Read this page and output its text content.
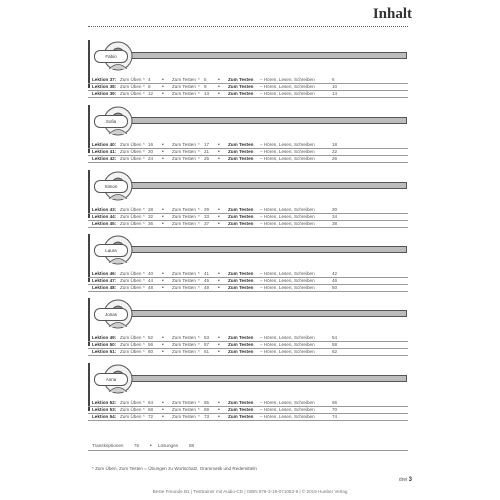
Inhalt
Fabio
Lektion 37: Zum Üben * 4 • Zum Testen * 5 • Zum Testen – Hören, Lesen, Schreiben	6
Lektion 38: Zum Üben * 8 • Zum Testen * 9 • Zum Testen – Hören, Lesen, Schreiben	10
Lektion 39: Zum Üben * 12 • Zum Testen * 13 • Zum Testen – Hören, Lesen, Schreiben	14
Sofia
Lektion 40: Zum Üben * 16 • Zum Testen * 17 • Zum Testen – Hören, Lesen, Schreiben	18
Lektion 41: Zum Üben * 20 • Zum Testen * 21 • Zum Testen – Hören, Lesen, Schreiben	22
Lektion 42: Zum Üben * 24 • Zum Testen * 25 • Zum Testen – Hören, Lesen, Schreiben	26
Simon
Lektion 43: Zum Üben * 28 • Zum Testen * 29 • Zum Testen – Hören, Lesen, Schreiben	30
Lektion 44: Zum Üben * 32 • Zum Testen * 33 • Zum Testen – Hören, Lesen, Schreiben	34
Lektion 45: Zum Üben * 36 • Zum Testen * 37 • Zum Testen – Hören, Lesen, Schreiben	38
Laura
Lektion 46: Zum Üben * 40 • Zum Testen * 41 • Zum Testen – Hören, Lesen, Schreiben	42
Lektion 47: Zum Üben * 44 • Zum Testen * 45 • Zum Testen – Hören, Lesen, Schreiben	46
Lektion 48: Zum Üben * 48 • Zum Testen * 49 • Zum Testen – Hören, Lesen, Schreiben	50
Jonas
Lektion 49: Zum Üben * 52 • Zum Testen * 53 • Zum Testen – Hören, Lesen, Schreiben	54
Lektion 50: Zum Üben * 56 • Zum Testen * 57 • Zum Testen – Hören, Lesen, Schreiben	58
Lektion 51: Zum Üben * 60 • Zum Testen * 61 • Zum Testen – Hören, Lesen, Schreiben	62
Anna
Lektion 52: Zum Üben * 64 • Zum Testen * 65 • Zum Testen – Hören, Lesen, Schreiben	66
Lektion 53: Zum Üben * 68 • Zum Testen * 69 • Zum Testen – Hören, Lesen, Schreiben	70
Lektion 54: Zum Üben * 72 • Zum Testen * 73 • Zum Testen – Hören, Lesen, Schreiben	74
Transkriptionen 76 • Lösungen 88
* Zum Üben, Zum Testen = Übungen zu Wortschatz, Grammatik und Redemitteln
drei 3
Beste Freunde B1 | Testtrainer mit Audio-CD | ISBN 978-3-19-071053-9 | © 2019 Hueber Verlag
